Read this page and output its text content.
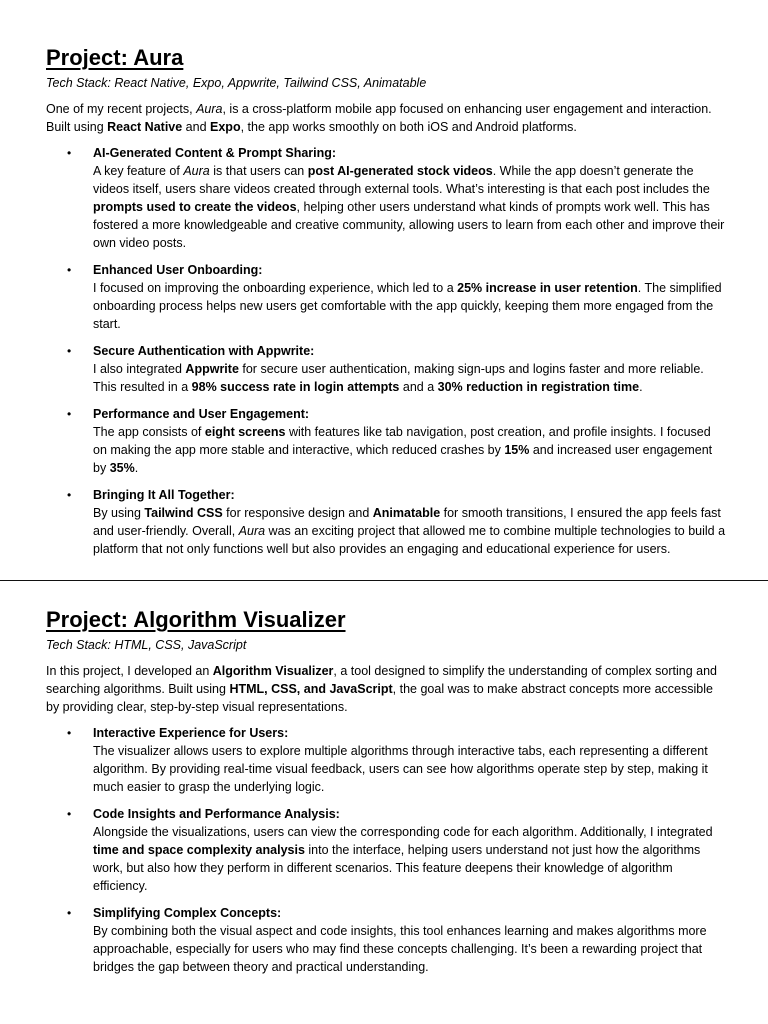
Project: Aura

Tech Stack: React Native, Expo, Appwrite, Tailwind CSS, Animatable

One of my recent projects, Aura, is a cross-platform mobile app focused on enhancing user engagement and interaction. Built using React Native and Expo, the app works smoothly on both iOS and Android platforms.

• AI-Generated Content & Prompt Sharing:
A key feature of Aura is that users can post AI-generated stock videos. While the app doesn’t generate the videos itself, users share videos created through external tools. What’s interesting is that each post includes the prompts used to create the videos, helping other users understand what kinds of prompts work well. This has fostered a more knowledgeable and creative community, allowing users to learn from each other and improve their own video posts.
• Enhanced User Onboarding:
I focused on improving the onboarding experience, which led to a 25% increase in user retention. The simplified onboarding process helps new users get comfortable with the app quickly, keeping them more engaged from the start.
• Secure Authentication with Appwrite:
I also integrated Appwrite for secure user authentication, making sign-ups and logins faster and more reliable. This resulted in a 98% success rate in login attempts and a 30% reduction in registration time.
• Performance and User Engagement:
The app consists of eight screens with features like tab navigation, post creation, and profile insights. I focused on making the app more stable and interactive, which reduced crashes by 15% and increased user engagement by 35%.
• Bringing It All Together:
By using Tailwind CSS for responsive design and Animatable for smooth transitions, I ensured the app feels fast and user-friendly. Overall, Aura was an exciting project that allowed me to combine multiple technologies to build a platform that not only functions well but also provides an engaging and educational experience for users.
Project: Algorithm Visualizer

Tech Stack: HTML, CSS, JavaScript

In this project, I developed an Algorithm Visualizer, a tool designed to simplify the understanding of complex sorting and searching algorithms. Built using HTML, CSS, and JavaScript, the goal was to make abstract concepts more accessible by providing clear, step-by-step visual representations.

• Interactive Experience for Users:
The visualizer allows users to explore multiple algorithms through interactive tabs, each representing a different algorithm. By providing real-time visual feedback, users can see how algorithms operate step by step, making it much easier to grasp the underlying logic.
• Code Insights and Performance Analysis:
Alongside the visualizations, users can view the corresponding code for each algorithm. Additionally, I integrated time and space complexity analysis into the interface, helping users understand not just how the algorithms work, but also how they perform in different scenarios. This feature deepens their knowledge of algorithm efficiency.
• Simplifying Complex Concepts:
By combining both the visual aspect and code insights, this tool enhances learning and makes algorithms more approachable, especially for users who may find these concepts challenging. It’s been a rewarding project that bridges the gap between theory and practical understanding.
